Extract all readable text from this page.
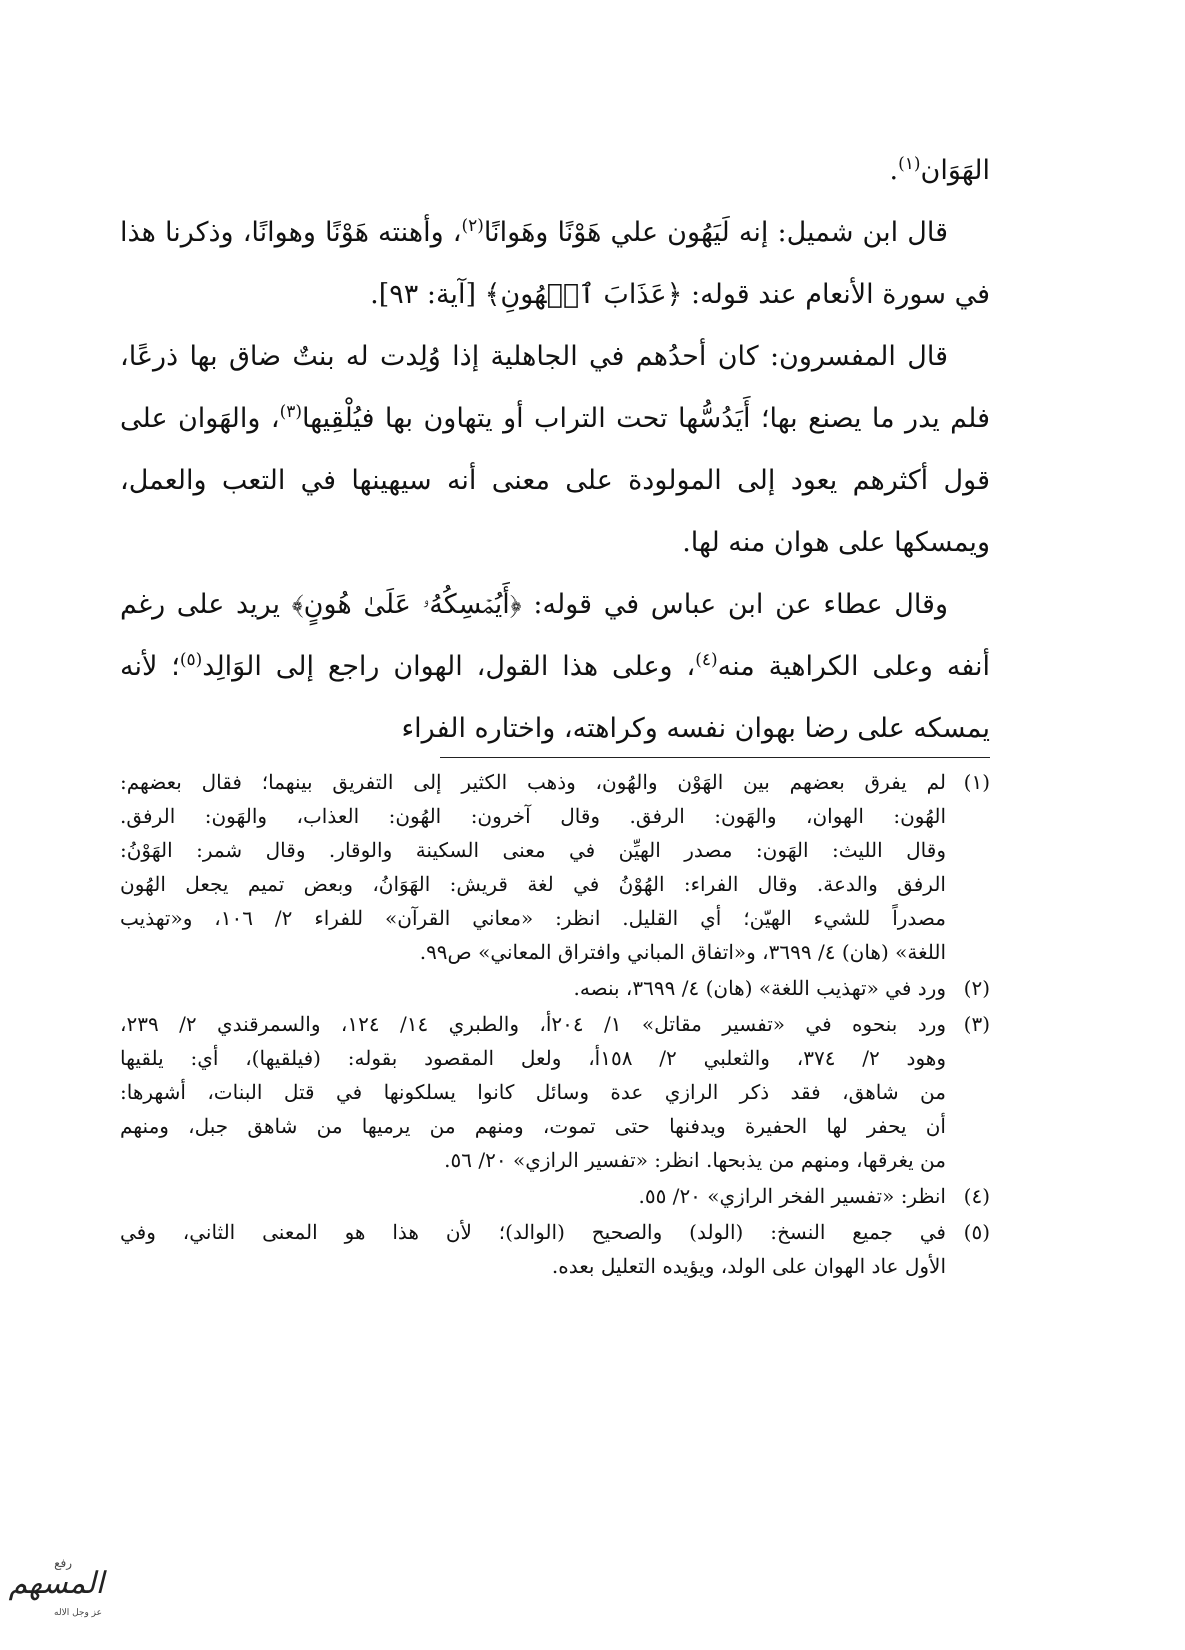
الهَوَان$^{(١)}$.

قال ابن شميل: إنه لَيَهُون علي هَوْنًا وهَوانًا$^{(٢)}$، وأهنته هَوْنًا وهوانًا، وذكرنا هذا في سورة الأنعام عند قوله: ﴿عَذَابَ ٱلۡهُونِ﴾ [آية: ٩٣].

قال المفسرون: كان أحدُهم في الجاهلية إذا وُلِدت له بنتٌ ضاق بها ذرعًا، فلم يدر ما يصنع بها؛ أَيَدُسُّها تحت التراب أو يتهاون بها فيُلْقِيها$^{(٣)}$، والهَوان على قول أكثرهم يعود إلى المولودة على معنى أنه سيهينها في التعب والعمل، ويمسكها على هوان منه لها.

وقال عطاء عن ابن عباس في قوله: ﴿أَيُمۡسِكُهُۥ عَلَىٰ هُونٍ﴾ يريد على رغم أنفه وعلى الكراهية منه$^{(٤)}$، وعلى هذا القول، الهوان راجع إلى الوَالِد$^{(٥)}$؛ لأنه يمسكه على رضا بهوان نفسه وكراهته، واختاره الفراء

(١)
لم يفرق بعضهم بين الهَوْن والهُون، وذهب الكثير إلى التفريق بينهما؛ فقال بعضهم:
الهُون: الهوان، والهَون: الرفق. وقال آخرون: الهُون: العذاب، والهَون: الرفق.
وقال الليث: الهَون: مصدر الهيِّن في معنى السكينة والوقار. وقال شمر: الهَوْنُ:
الرفق والدعة. وقال الفراء: الهُوْنُ في لغة قريش: الهَوَانُ، وبعض تميم يجعل الهُون
مصدراً للشيء الهيّن؛ أي القليل. انظر: «معاني القرآن» للفراء ٢/ ١٠٦، و«تهذيب
اللغة» (هان) ٤/ ٣٦٩٩، و«اتفاق المباني وافتراق المعاني» ص٩٩.
(٢)
ورد في «تهذيب اللغة» (هان) ٤/ ٣٦٩٩، بنصه.
(٣)
ورد بنحوه في «تفسير مقاتل» ١/ ٢٠٤أ، والطبري ١٤/ ١٢٤، والسمرقندي ٢/ ٢٣٩،
وهود ٢/ ٣٧٤، والثعلبي ٢/ ١٥٨أ، ولعل المقصود بقوله: (فيلقيها)، أي: يلقيها
من شاهق، فقد ذكر الرازي عدة وسائل كانوا يسلكونها في قتل البنات، أشهرها:
أن يحفر لها الحفيرة ويدفنها حتى تموت، ومنهم من يرميها من شاهق جبل، ومنهم
من يغرقها، ومنهم من يذبحها. انظر: «تفسير الرازي» ٢٠/ ٥٦.
(٤)
انظر: «تفسير الفخر الرازي» ٢٠/ ٥٥.
(٥)
في جميع النسخ: (الولد) والصحيح (الوالد)؛ لأن هذا هو المعنى الثاني، وفي
الأول عاد الهوان على الولد، ويؤيده التعليل بعده.
المسهم
رفع
عز وجل الاله
